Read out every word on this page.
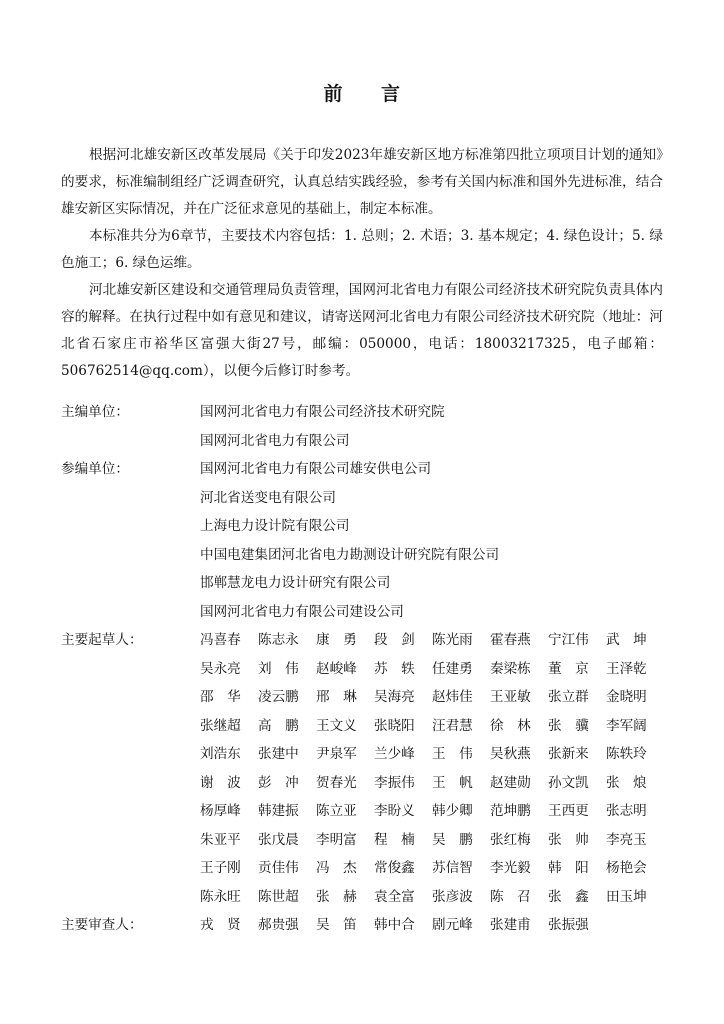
前 言

根据河北雄安新区改革发展局《关于印发2023年雄安新区地方标准第四批立项项目计划的通知》的要求，标准编制组经广泛调查研究，认真总结实践经验，参考有关国内标准和国外先进标准，结合雄安新区实际情况，并在广泛征求意见的基础上，制定本标准。

本标准共分为6章节，主要技术内容包括：1. 总则；2. 术语；3. 基本规定；4. 绿色设计；5. 绿色施工；6. 绿色运维。

河北雄安新区建设和交通管理局负责管理，国网河北省电力有限公司经济技术研究院负责具体内容的解释。在执行过程中如有意见和建议，请寄送网河北省电力有限公司经济技术研究院（地址：河北省石家庄市裕华区富强大街27号，邮编：050000，电话：18003217325，电子邮箱：506762514@qq.com），以便今后修订时参考。

主编单位：	国网河北省电力有限公司经济技术研究院
国网河北省电力有限公司
参编单位：	国网河北省电力有限公司雄安供电公司
河北省送变电有限公司
上海电力设计院有限公司
中国电建集团河北省电力勘测设计研究院有限公司
邯郸慧龙电力设计研究有限公司
国网河北省电力有限公司建设公司
主要起草人：	冯喜春	陈志永	康　勇	段　剑	陈光雨	霍春燕	宁江伟	武　坤
吴永亮	刘　伟	赵峻峰	苏　轶	任建勇	秦梁栋	董　京	王泽乾
邵　华	凌云鹏	邢　琳	吴海亮	赵炜佳	王亚敏	张立群	金晓明
张继超	高　鹏	王文义	张晓阳	汪君慧	徐　林	张　骥	李军阔
刘浩东	张建中	尹泉军	兰少峰	王　伟	吴秋燕	张新来	陈轶玲
谢　波	彭　冲	贺春光	李振伟	王　帆	赵建勋	孙文凯	张　烺
杨厚峰	韩建振	陈立亚	李盼义	韩少卿	范坤鹏	王西更	张志明
朱亚平	张戊晨	李明富	程　楠	吴　鹏	张红梅	张　帅	李亮玉
王子刚	贡佳伟	冯　杰	常俊鑫	苏信智	李光毅	韩　阳	杨艳会
陈永旺	陈世超	张　赫	袁全富	张彦波	陈　召	张　鑫	田玉坤
主要审查人：	戎　贤	郝贵强	吴　笛	韩中合	剧元峰	张建甫	张振强
